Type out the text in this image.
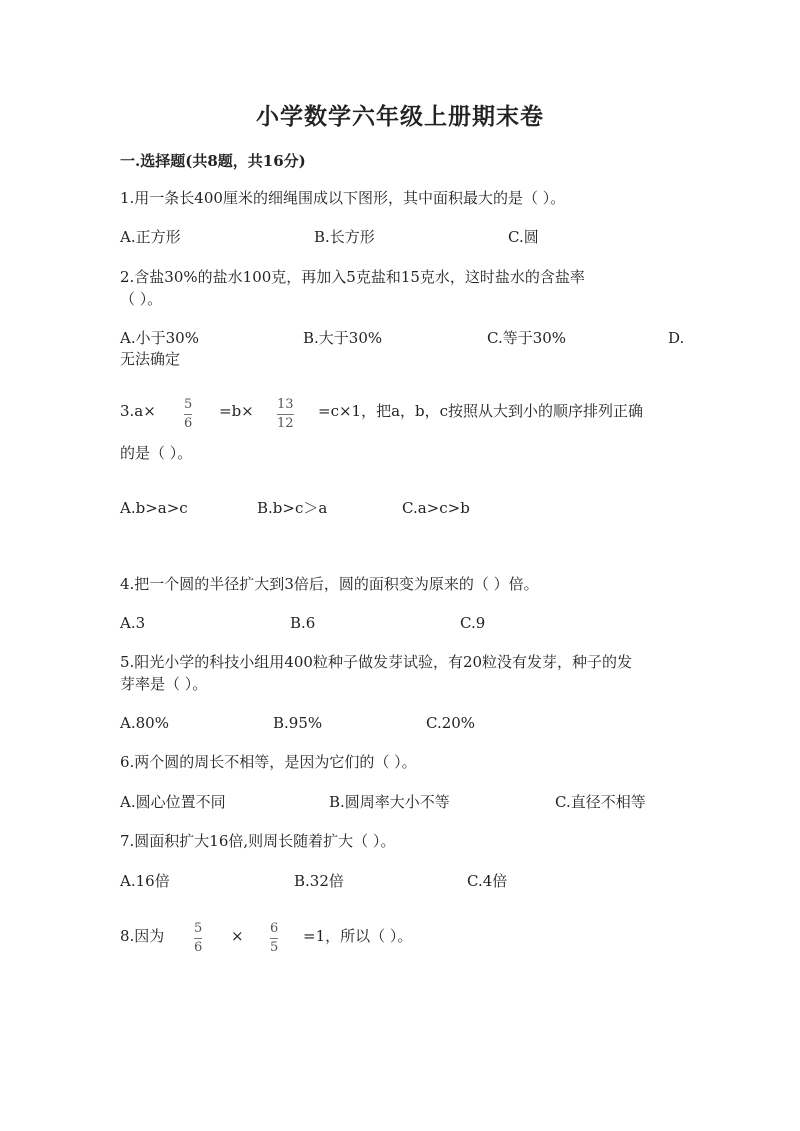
小学数学六年级上册期末卷
一.选择题(共8题，共16分)
1.用一条长400厘米的细绳围成以下图形，其中面积最大的是（ ）。
A.正方形	B.长方形	C.圆
2.含盐30%的盐水100克，再加入5克盐和15克水，这时盐水的含盐率
（ ）。
A.小于30%	B.大于30%	C.等于30%	D.
无法确定
3.a× 5
6
=b× 13
12
=c×1，把a，b，c按照从大到小的顺序排列正确
的是（ ）。
A.b>a>c	B.b>c＞a	C.a>c>b
4.把一个圆的半径扩大到3倍后，圆的面积变为原来的（ ）倍。
A.3	B.6	C.9
5.阳光小学的科技小组用400粒种子做发芽试验，有20粒没有发芽，种子的发
芽率是（ ）。
A.80%	B.95%	C.20%
6.两个圆的周长不相等，是因为它们的（ ）。
A.圆心位置不同	B.圆周率大小不等	C.直径不相等
7.圆面积扩大16倍,则周长随着扩大（ ）。
A.16倍	B.32倍	C.4倍
8.因为 5
6
× 6
5
=1，所以（ ）。
